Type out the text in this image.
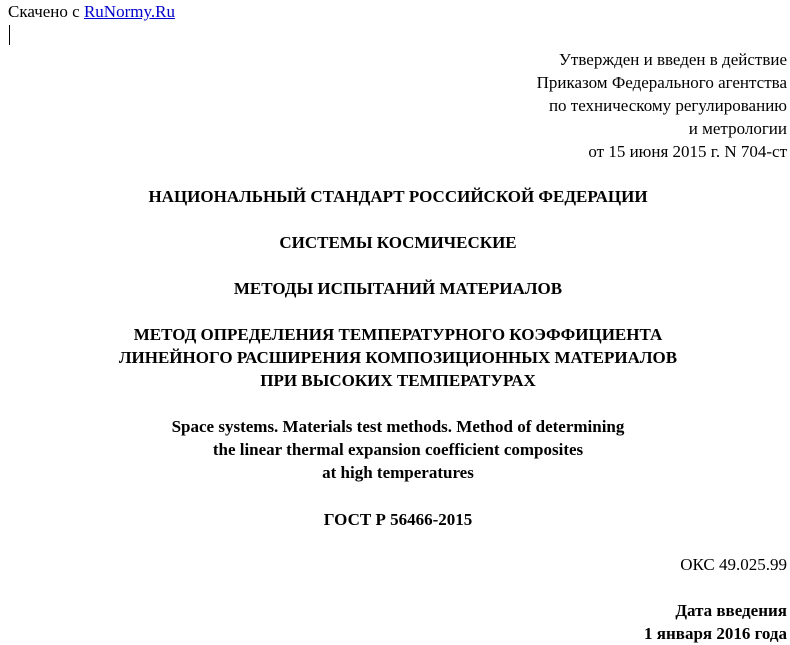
Скачено с RuNormy.Ru
Утвержден и введен в действие
Приказом Федерального агентства
по техническому регулированию
и метрологии
от 15 июня 2015 г. N 704-ст
НАЦИОНАЛЬНЫЙ СТАНДАРТ РОССИЙСКОЙ ФЕДЕРАЦИИ
СИСТЕМЫ КОСМИЧЕСКИЕ
МЕТОДЫ ИСПЫТАНИЙ МАТЕРИАЛОВ
МЕТОД ОПРЕДЕЛЕНИЯ ТЕМПЕРАТУРНОГО КОЭФФИЦИЕНТА
ЛИНЕЙНОГО РАСШИРЕНИЯ КОМПОЗИЦИОННЫХ МАТЕРИАЛОВ
ПРИ ВЫСОКИХ ТЕМПЕРАТУРАХ
Space systems. Materials test methods. Method of determining
the linear thermal expansion coefficient composites
at high temperatures
ГОСТ Р 56466-2015
ОКС 49.025.99
Дата введения
1 января 2016 года
